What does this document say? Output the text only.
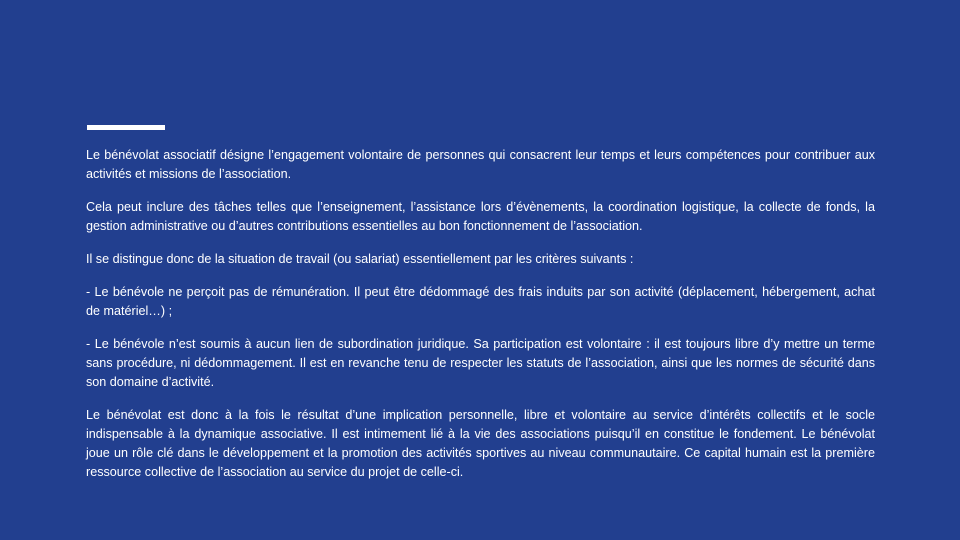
Le bénévolat associatif désigne l’engagement volontaire de personnes qui consacrent leur temps et leurs compétences pour contribuer aux activités et missions de l’association.

Cela peut inclure des tâches telles que l’enseignement, l’assistance lors d’évènements, la coordination logistique, la collecte de fonds, la gestion administrative ou d’autres contributions essentielles au bon fonctionnement de l’association.

Il se distingue donc de la situation de travail (ou salariat) essentiellement par les critères suivants :

- Le bénévole ne perçoit pas de rémunération. Il peut être dédommagé des frais induits par son activité (déplacement, hébergement, achat de matériel…) ;

- Le bénévole n’est soumis à aucun lien de subordination juridique. Sa participation est volontaire : il est toujours libre d’y mettre un terme sans procédure, ni dédommagement. Il est en revanche tenu de respecter les statuts de l’association, ainsi que les normes de sécurité dans son domaine d’activité.

Le bénévolat est donc à la fois le résultat d’une implication personnelle, libre et volontaire au service d’intérêts collectifs et le socle indispensable à la dynamique associative. Il est intimement lié à la vie des associations puisqu’il en constitue le fondement. Le bénévolat joue un rôle clé dans le développement et la promotion des activités sportives au niveau communautaire. Ce capital humain est la première ressource collective de l’association au service du projet de celle-ci.
